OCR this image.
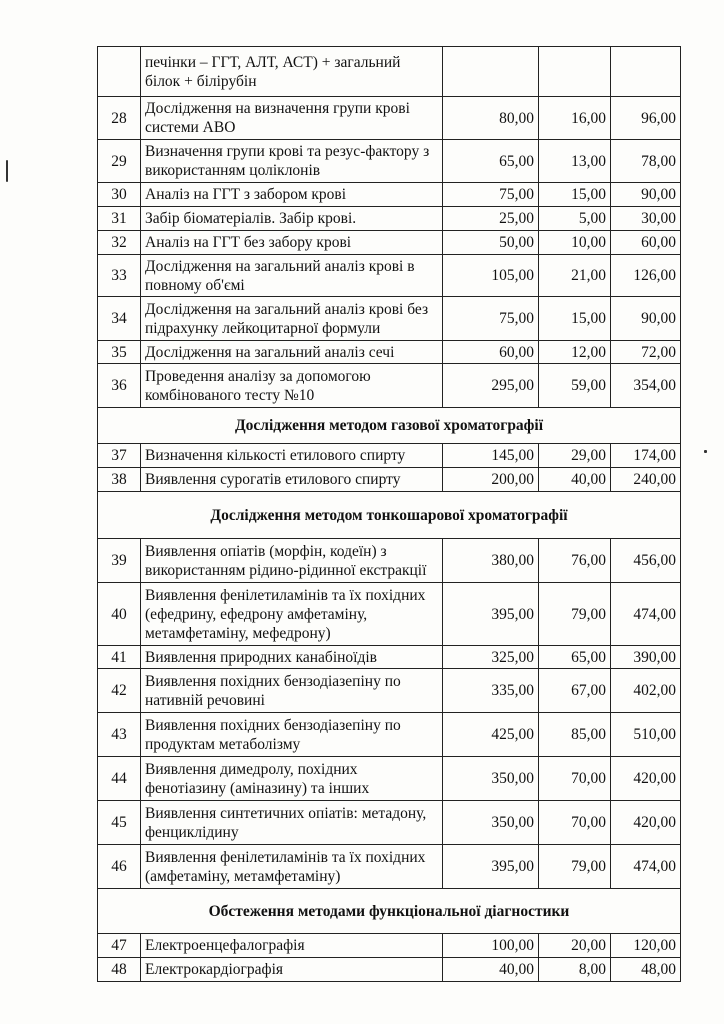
	печінки – ГГТ, АЛТ, АСТ) + загальний білок + білірубін			
28	Дослідження на визначення групи крові системи АВО	80,00	16,00	96,00
29	Визначення групи крові та резус-фактору з використанням цоліклонів	65,00	13,00	78,00
30	Аналіз на ГГТ з забором крові	75,00	15,00	90,00
31	Забір біоматеріалів. Забір крові.	25,00	5,00	30,00
32	Аналіз на ГГТ без забору крові	50,00	10,00	60,00
33	Дослідження на загальний аналіз крові в повному об'ємі	105,00	21,00	126,00
34	Дослідження на загальний аналіз крові без підрахунку лейкоцитарної формули	75,00	15,00	90,00
35	Дослідження на загальний аналіз сечі	60,00	12,00	72,00
36	Проведення аналізу за допомогою комбінованого тесту №10	295,00	59,00	354,00
Дослідження методом газової хроматографії				
37	Визначення кількості етилового спирту	145,00	29,00	174,00
38	Виявлення сурогатів етилового спирту	200,00	40,00	240,00
Дослідження методом тонкошарової хроматографії				
39	Виявлення опіатів (морфін, кодеїн) з використанням рідино-рідинної екстракції	380,00	76,00	456,00
40	Виявлення фенілетиламінів та їх похідних (ефедрину, ефедрону амфетаміну, метамфетаміну, мефедрону)	395,00	79,00	474,00
41	Виявлення природних канабіноїдів	325,00	65,00	390,00
42	Виявлення похідних бензодіазепіну по нативній речовині	335,00	67,00	402,00
43	Виявлення похідних бензодіазепіну по продуктам метаболізму	425,00	85,00	510,00
44	Виявлення димедролу, похідних фенотіазину (аміназину) та інших	350,00	70,00	420,00
45	Виявлення синтетичних опіатів: метадону, фенциклідину	350,00	70,00	420,00
46	Виявлення фенілетиламінів та їх похідних (амфетаміну, метамфетаміну)	395,00	79,00	474,00
Обстеження методами функціональної діагностики				
47	Електроенцефалографія	100,00	20,00	120,00
48	Електрокардіографія	40,00	8,00	48,00
